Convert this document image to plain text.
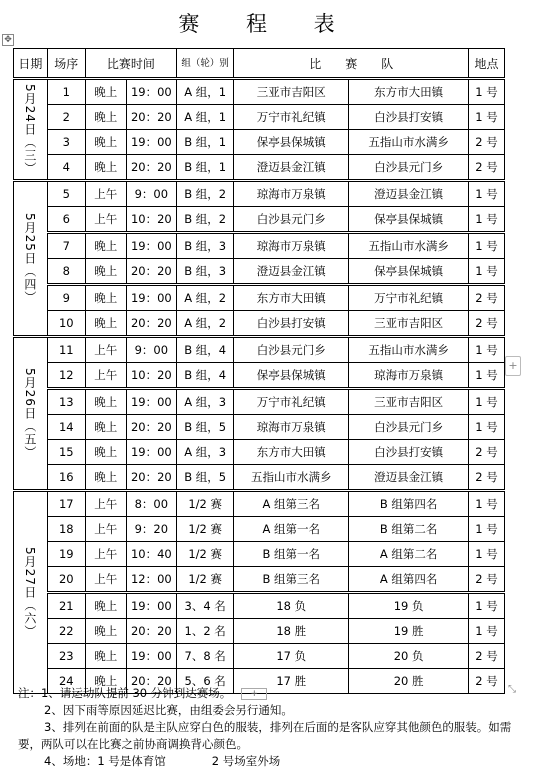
赛 程 表
✥
+
日期	场序	比赛时间		组（轮）别	比　　赛　　队		地点

5月24日（三）	1	晚上	19：00	A 组，1	三亚市吉阳区	东方市大田镇	1 号
	2	晚上	20：20	A 组，1	万宁市礼纪镇	白沙县打安镇	1 号
	3	晚上	19：00	B 组，1	保亭县保城镇	五指山市水满乡	2 号
	4	晚上	20：20	B 组，1	澄迈县金江镇	白沙县元门乡	2 号

5月25日（四）	5	上午	9：00	B 组，2	琼海市万泉镇	澄迈县金江镇	1 号
	6	上午	10：20	B 组，2	白沙县元门乡	保亭县保城镇	1 号
	7	晚上	19：00	B 组，3	琼海市万泉镇	五指山市水满乡	1 号
	8	晚上	20：20	B 组，3	澄迈县金江镇	保亭县保城镇	1 号
	9	晚上	19：00	A 组，2	东方市大田镇	万宁市礼纪镇	2 号
	10	晚上	20：20	A 组，2	白沙县打安镇	三亚市吉阳区	2 号

5月26日（五）	11	上午	9：00	B 组，4	白沙县元门乡	五指山市水满乡	1 号
	12	上午	10：20	B 组，4	保亭县保城镇	琼海市万泉镇	1 号
	13	晚上	19：00	A 组，3	万宁市礼纪镇	三亚市吉阳区	1 号
	14	晚上	20：20	B 组，5	琼海市万泉镇	白沙县元门乡	1 号
	15	晚上	19：00	A 组，3	东方市大田镇	白沙县打安镇	2 号
	16	晚上	20：20	B 组，5	五指山市水满乡	澄迈县金江镇	2 号

5月27日（六）	17	上午	8：00	1/2 赛	A 组第三名	B 组第四名	1 号
	18	上午	9：20	1/2 赛	A 组第一名	B 组第二名	1 号
	19	上午	10：40	1/2 赛	B 组第一名	A 组第二名	1 号
	20	上午	12：00	1/2 赛	B 组第三名	A 组第四名	2 号
	21	晚上	19：00	3、4 名	18 负	19 负	1 号
	22	晚上	20：20	1、2 名	18 胜	19 胜	1 号
	23	晚上	19：00	7、8 名	17 负	20 负	2 号
	24	晚上	20：20	5、6 名	17 胜	20 胜	2 号
注：1、请运动队提前 30 分钟到达赛场。 +
2、因下雨等原因延迟比赛，由组委会另行通知。
3、排列在前面的队是主队应穿白色的服装，排列在后面的是客队应穿其他颜色的服装。如需要，两队可以在比赛之前协商调换背心颜色。
4、场地：1 号是体育馆　　　　2 号场室外场
⤡
